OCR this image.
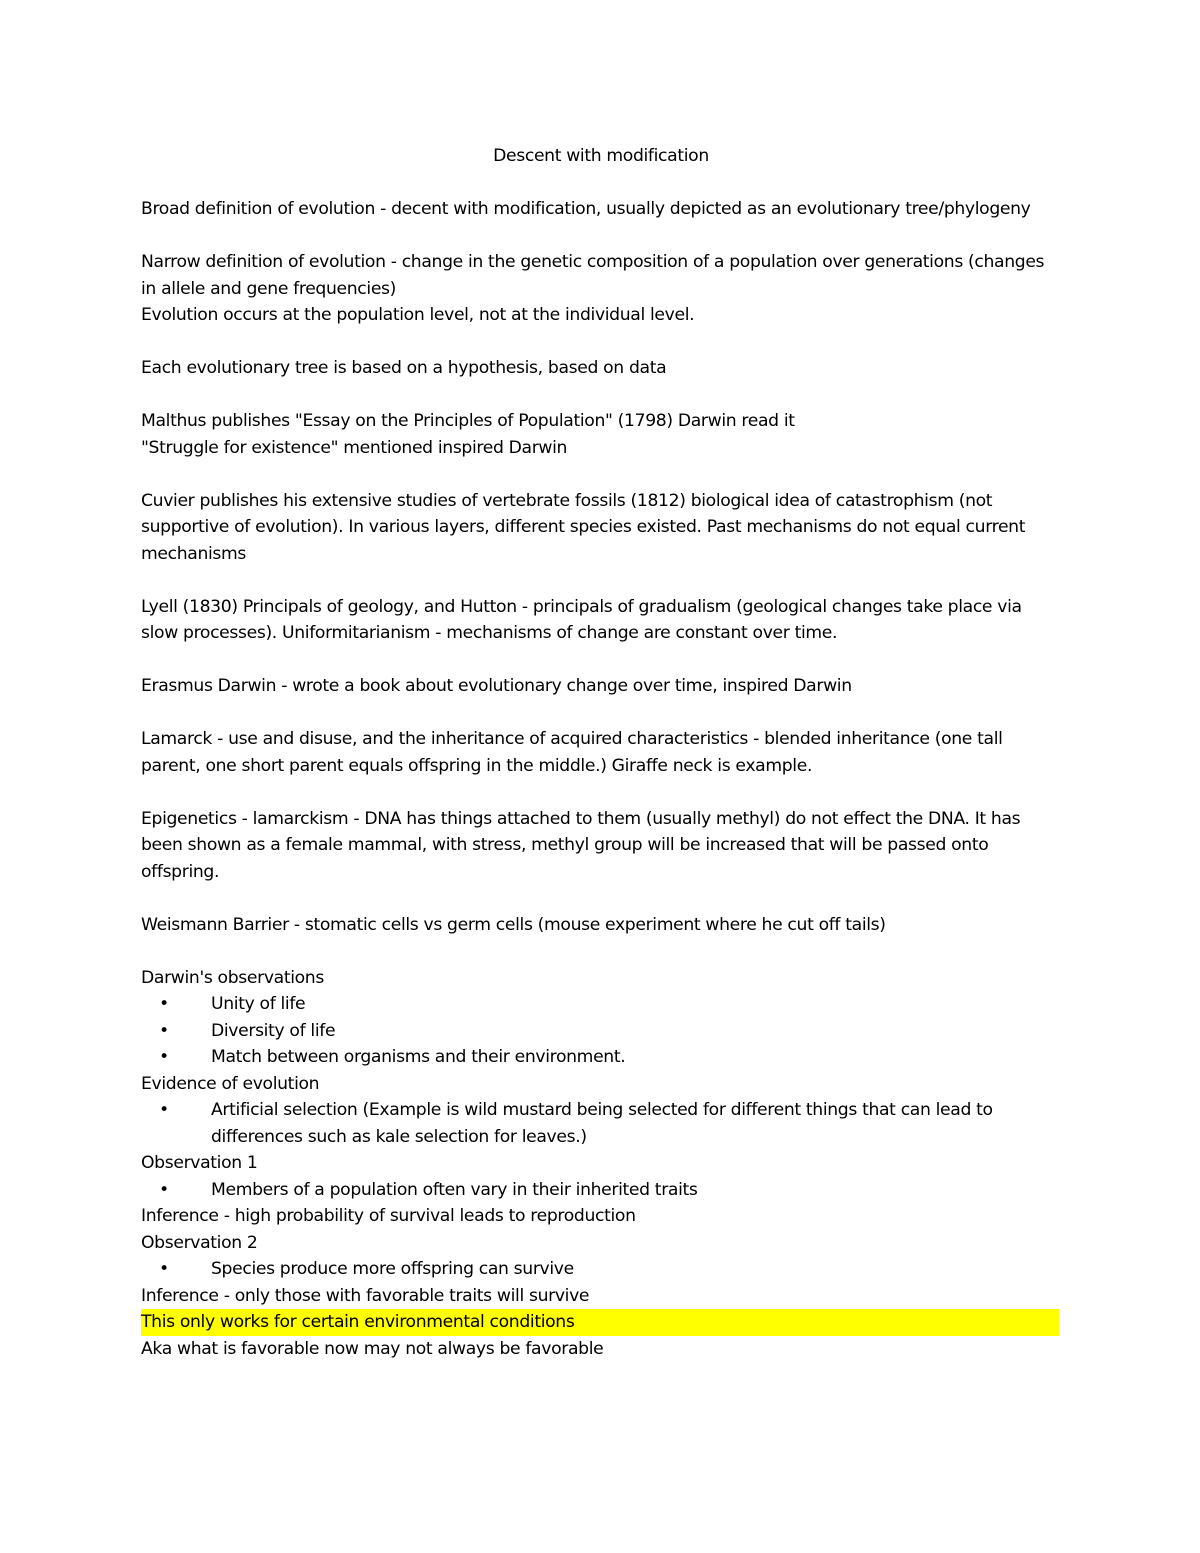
Descent with modification

Broad definition of evolution - decent with modification, usually depicted as an evolutionary tree/phylogeny

Narrow definition of evolution - change in the genetic composition of a population over generations (changes in allele and gene frequencies)

Evolution occurs at the population level, not at the individual level.

Each evolutionary tree is based on a hypothesis, based on data

Malthus publishes "Essay on the Principles of Population" (1798) Darwin read it

"Struggle for existence" mentioned inspired Darwin

Cuvier publishes his extensive studies of vertebrate fossils (1812) biological idea of catastrophism (not supportive of evolution). In various layers, different species existed. Past mechanisms do not equal current mechanisms

Lyell (1830) Principals of geology, and Hutton - principals of gradualism (geological changes take place via slow processes). Uniformitarianism - mechanisms of change are constant over time.

Erasmus Darwin - wrote a book about evolutionary change over time, inspired Darwin

Lamarck - use and disuse, and the inheritance of acquired characteristics - blended inheritance (one tall parent, one short parent equals offspring in the middle.) Giraffe neck is example.

Epigenetics - lamarckism - DNA has things attached to them (usually methyl) do not effect the DNA. It has been shown as a female mammal, with stress, methyl group will be increased that will be passed onto offspring.

Weismann Barrier - stomatic cells vs germ cells (mouse experiment where he cut off tails)

Darwin's observations

• Unity of life
• Diversity of life
• Match between organisms and their environment.

Evidence of evolution

• Artificial selection (Example is wild mustard being selected for different things that can lead to differences such as kale selection for leaves.)

Observation 1

• Members of a population often vary in their inherited traits

Inference - high probability of survival leads to reproduction

Observation 2

• Species produce more offspring can survive

Inference - only those with favorable traits will survive

This only works for certain environmental conditions

Aka what is favorable now may not always be favorable
